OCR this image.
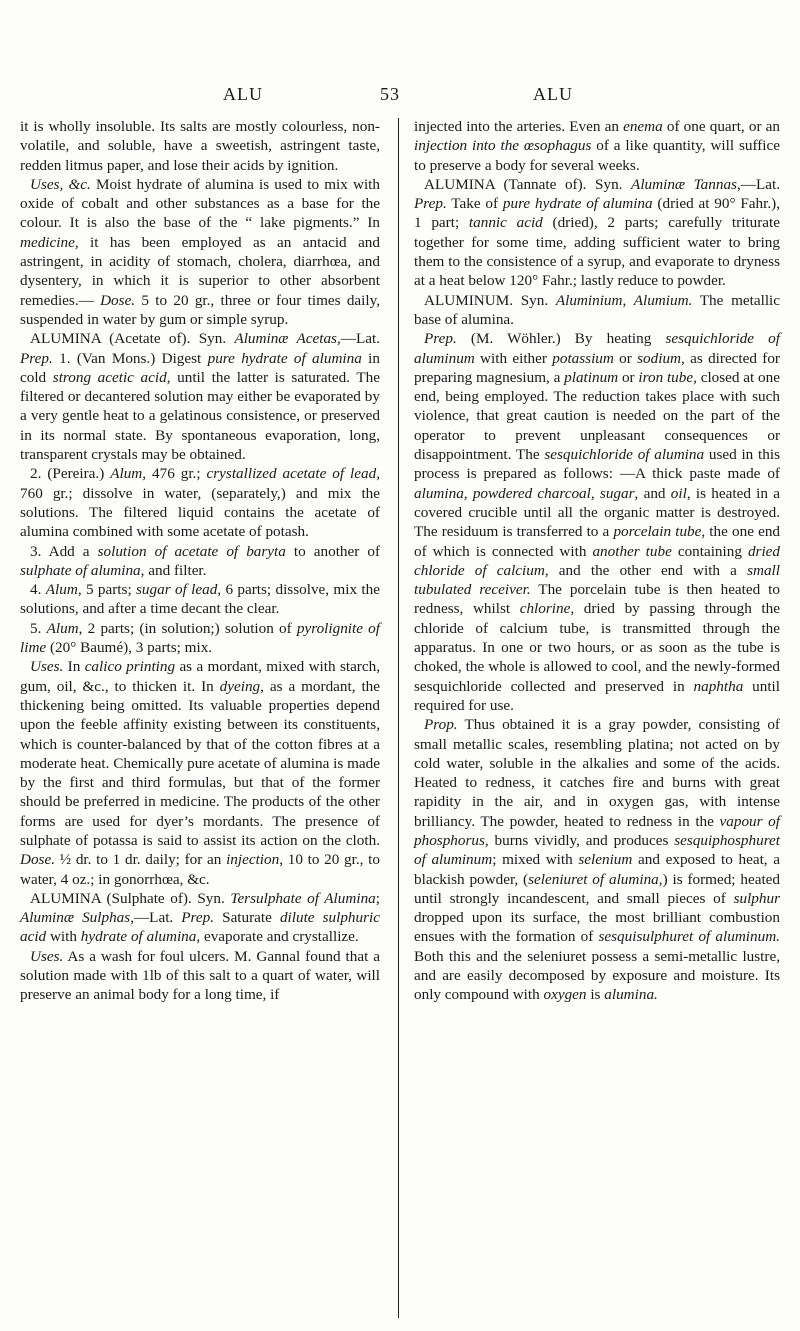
ALU	53	ALU

it is wholly insoluble. Its salts are mostly colourless, non-volatile, and soluble, have a sweetish, astringent taste, redden litmus paper, and lose their acids by ignition.

Uses, &c. Moist hydrate of alumina is used to mix with oxide of cobalt and other substances as a base for the colour. It is also the base of the “ lake pigments.” In medicine, it has been employed as an antacid and astringent, in acidity of stomach, cholera, diarrhœa, and dysentery, in which it is superior to other absorbent remedies.— Dose. 5 to 20 gr., three or four times daily, suspended in water by gum or simple syrup.

ALUMINA (Acetate of). Syn. Aluminæ Acetas,—Lat. Prep. 1. (Van Mons.) Digest pure hydrate of alumina in cold strong acetic acid, until the latter is saturated. The filtered or decantered solution may either be evaporated by a very gentle heat to a gelatinous consistence, or preserved in its normal state. By spontaneous evaporation, long, transparent crystals may be obtained.

2. (Pereira.) Alum, 476 gr.; crystallized acetate of lead, 760 gr.; dissolve in water, (separately,) and mix the solutions. The filtered liquid contains the acetate of alumina combined with some acetate of potash.

3. Add a solution of acetate of baryta to another of sulphate of alumina, and filter.

4. Alum, 5 parts; sugar of lead, 6 parts; dissolve, mix the solutions, and after a time decant the clear.

5. Alum, 2 parts; (in solution;) solution of pyrolignite of lime (20° Baumé), 3 parts; mix.

Uses. In calico printing as a mordant, mixed with starch, gum, oil, &c., to thicken it. In dyeing, as a mordant, the thickening being omitted. Its valuable properties depend upon the feeble affinity existing between its constituents, which is counter-balanced by that of the cotton fibres at a moderate heat. Chemically pure acetate of alumina is made by the first and third formulas, but that of the former should be preferred in medicine. The products of the other forms are used for dyer’s mordants. The presence of sulphate of potassa is said to assist its action on the cloth. Dose. ½ dr. to 1 dr. daily; for an injection, 10 to 20 gr., to water, 4 oz.; in gonorrhœa, &c.

ALUMINA (Sulphate of). Syn. Tersulphate of Alumina; Aluminæ Sulphas,—Lat. Prep. Saturate dilute sulphuric acid with hydrate of alumina, evaporate and crystallize.

Uses. As a wash for foul ulcers. M. Gannal found that a solution made with 1lb of this salt to a quart of water, will preserve an animal body for a long time, if

injected into the arteries. Even an enema of one quart, or an injection into the œsophagus of a like quantity, will suffice to preserve a body for several weeks.

ALUMINA (Tannate of). Syn. Aluminæ Tannas,—Lat. Prep. Take of pure hydrate of alumina (dried at 90° Fahr.), 1 part; tannic acid (dried), 2 parts; carefully triturate together for some time, adding sufficient water to bring them to the consistence of a syrup, and evaporate to dryness at a heat below 120° Fahr.; lastly reduce to powder.

ALUMINUM. Syn. Aluminium, Alumium. The metallic base of alumina.

Prep. (M. Wöhler.) By heating sesquichloride of aluminum with either potassium or sodium, as directed for preparing magnesium, a platinum or iron tube, closed at one end, being employed. The reduction takes place with such violence, that great caution is needed on the part of the operator to prevent unpleasant consequences or disappointment. The sesquichloride of alumina used in this process is prepared as follows: —A thick paste made of alumina, powdered charcoal, sugar, and oil, is heated in a covered crucible until all the organic matter is destroyed. The residuum is transferred to a porcelain tube, the one end of which is connected with another tube containing dried chloride of calcium, and the other end with a small tubulated receiver. The porcelain tube is then heated to redness, whilst chlorine, dried by passing through the chloride of calcium tube, is transmitted through the apparatus. In one or two hours, or as soon as the tube is choked, the whole is allowed to cool, and the newly-formed sesquichloride collected and preserved in naphtha until required for use.

Prop. Thus obtained it is a gray powder, consisting of small metallic scales, resembling platina; not acted on by cold water, soluble in the alkalies and some of the acids. Heated to redness, it catches fire and burns with great rapidity in the air, and in oxygen gas, with intense brilliancy. The powder, heated to redness in the vapour of phosphorus, burns vividly, and produces sesquiphosphuret of aluminum; mixed with selenium and exposed to heat, a blackish powder, (seleniuret of alumina,) is formed; heated until strongly incandescent, and small pieces of sulphur dropped upon its surface, the most brilliant combustion ensues with the formation of sesquisulphuret of aluminum. Both this and the seleniuret possess a semi-metallic lustre, and are easily decomposed by exposure and moisture. Its only compound with oxygen is alumina.
